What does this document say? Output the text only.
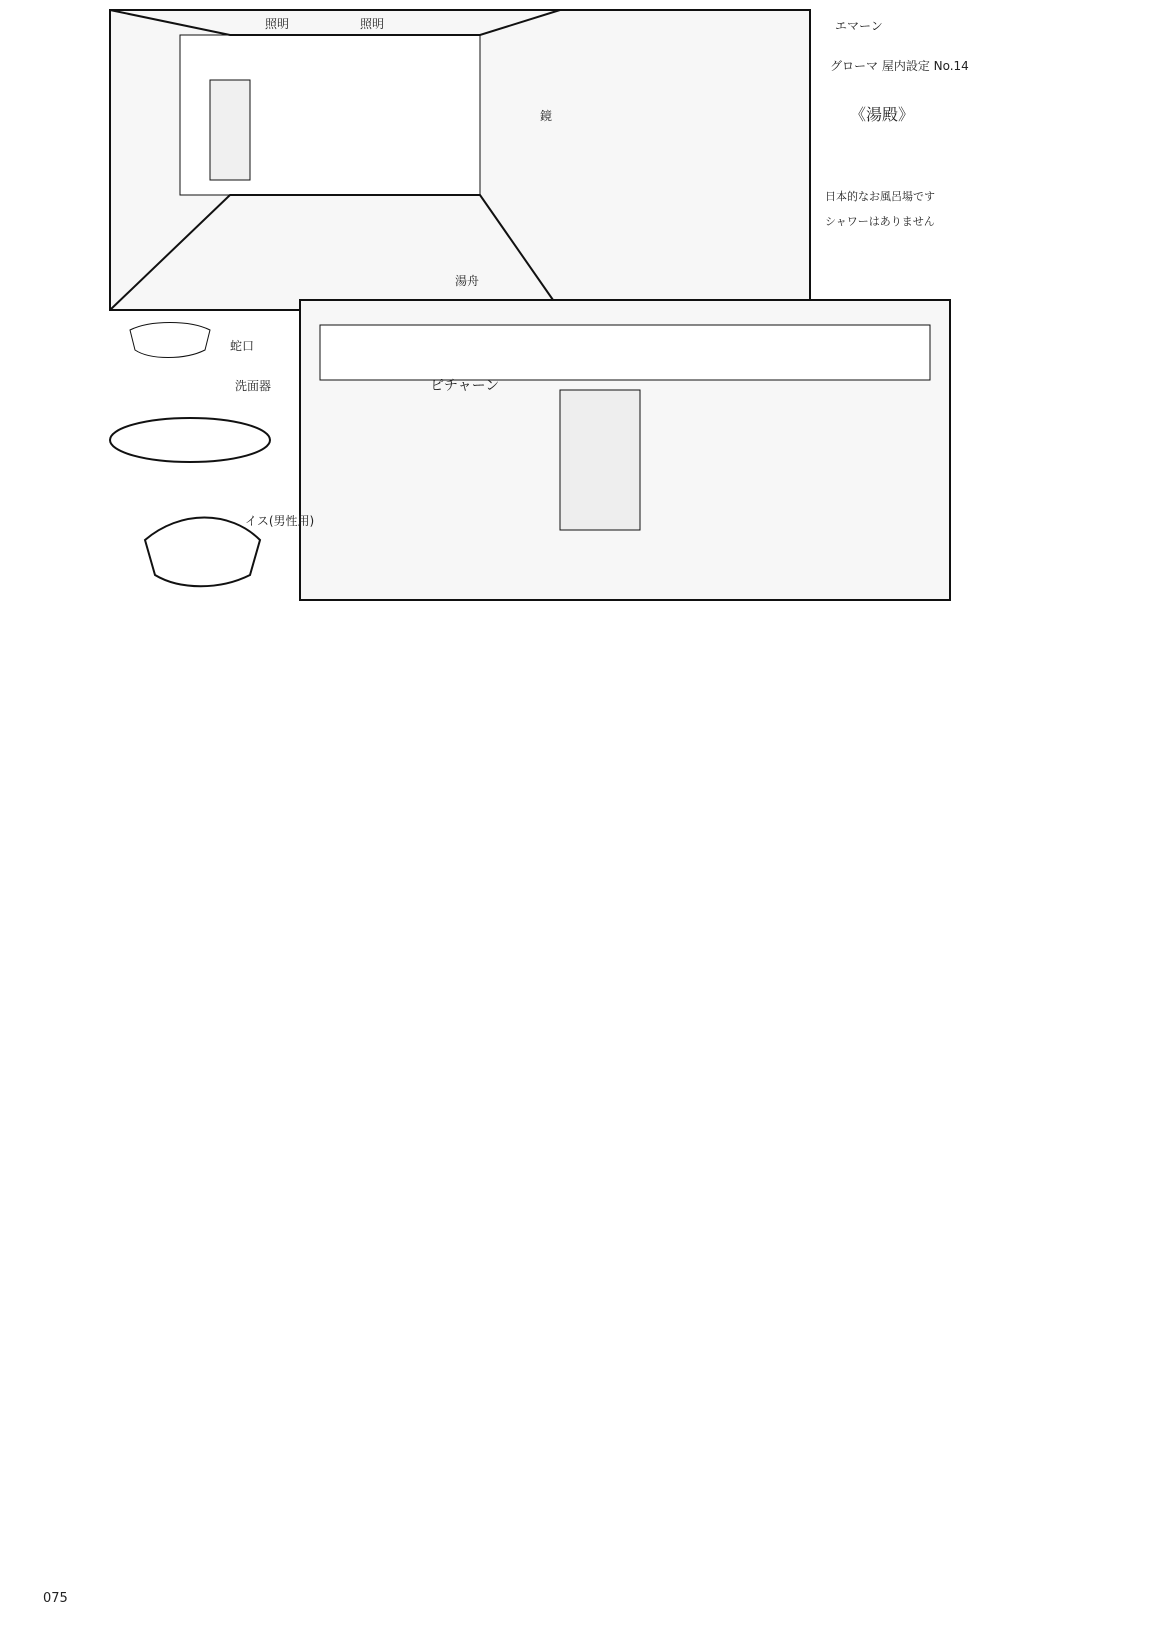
照明	照明
鏡
湯舟
ピチャーン
蛇口
洗面器
イス(男性用)
エマーン
グローマ 屋内設定 No.14
《湯殿》
日本的なお風呂場です
シャワーはありません
075
